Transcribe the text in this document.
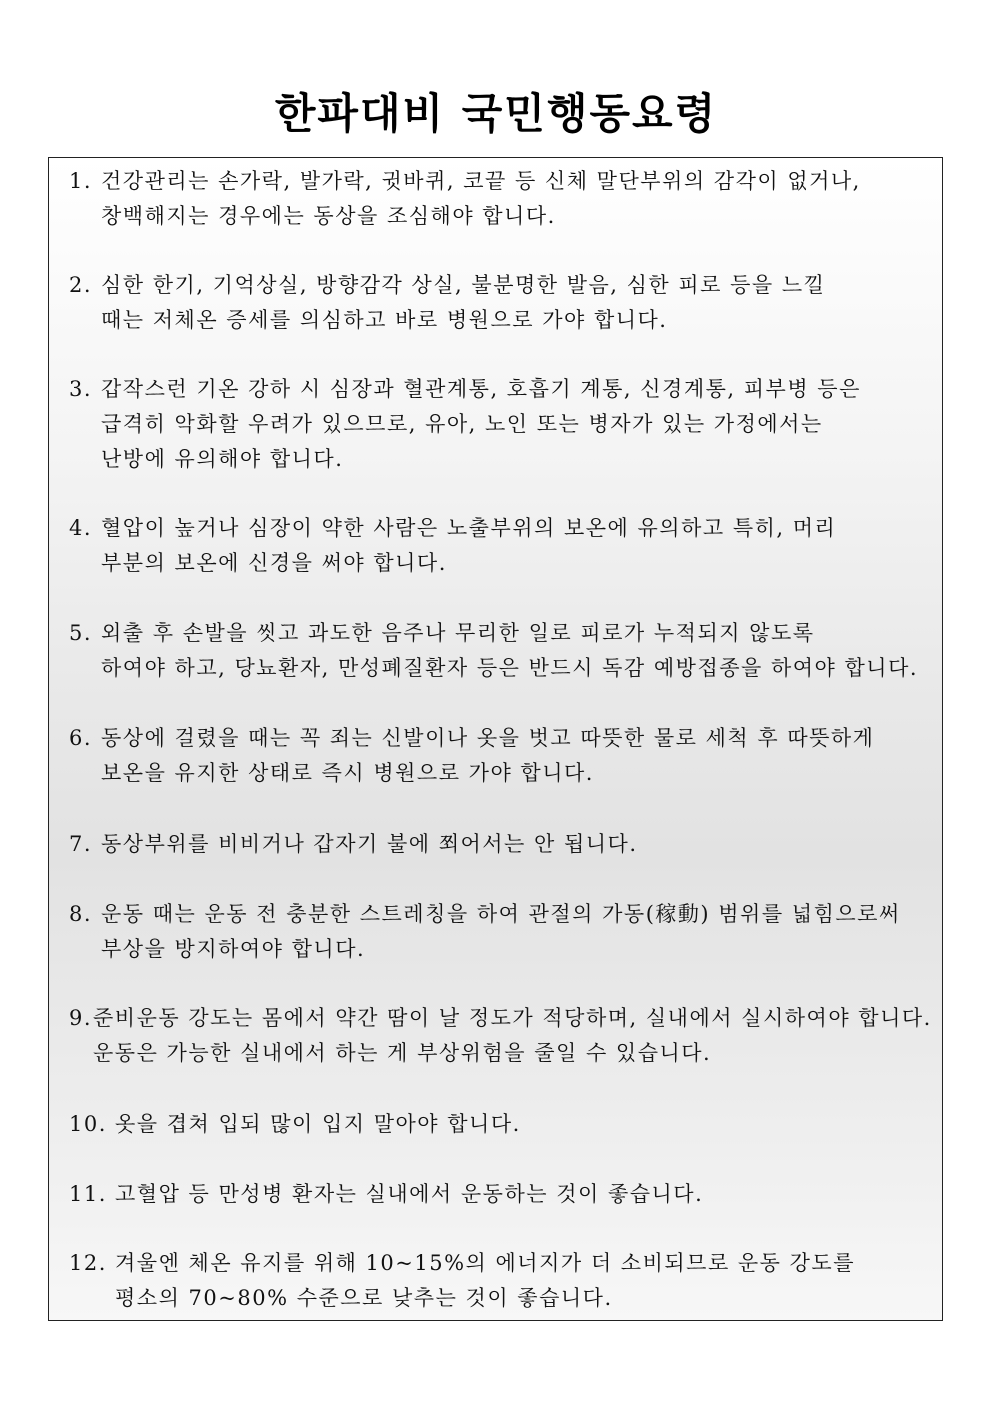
한파대비 국민행동요령
1. 건강관리는 손가락, 발가락, 귓바퀴, 코끝 등 신체 말단부위의 감각이 없거나,
창백해지는 경우에는 동상을 조심해야 합니다.
2. 심한 한기, 기억상실, 방향감각 상실, 불분명한 발음, 심한 피로 등을 느낄
때는 저체온 증세를 의심하고 바로 병원으로 가야 합니다.
3. 갑작스런 기온 강하 시 심장과 혈관계통, 호흡기 계통, 신경계통, 피부병 등은
급격히 악화할 우려가 있으므로, 유아, 노인 또는 병자가 있는 가정에서는
난방에 유의해야 합니다.
4. 혈압이 높거나 심장이 약한 사람은 노출부위의 보온에 유의하고 특히, 머리
부분의 보온에 신경을 써야 합니다.
5. 외출 후 손발을 씻고 과도한 음주나 무리한 일로 피로가 누적되지 않도록
하여야 하고, 당뇨환자, 만성폐질환자 등은 반드시 독감 예방접종을 하여야 합니다.
6. 동상에 걸렸을 때는 꼭 죄는 신발이나 옷을 벗고 따뜻한 물로 세척 후 따뜻하게
보온을 유지한 상태로 즉시 병원으로 가야 합니다.
7. 동상부위를 비비거나 갑자기 불에 쬐어서는 안 됩니다.
8. 운동 때는 운동 전 충분한 스트레칭을 하여 관절의 가동(稼動) 범위를 넓힘으로써
부상을 방지하여야 합니다.
9. 준비운동 강도는 몸에서 약간 땀이 날 정도가 적당하며, 실내에서 실시하여야 합니다.
운동은 가능한 실내에서 하는 게 부상위험을 줄일 수 있습니다.
10. 옷을 겹쳐 입되 많이 입지 말아야 합니다.
11. 고혈압 등 만성병 환자는 실내에서 운동하는 것이 좋습니다.
12. 겨울엔 체온 유지를 위해 10~15%의 에너지가 더 소비되므로 운동 강도를
평소의 70~80% 수준으로 낮추는 것이 좋습니다.
